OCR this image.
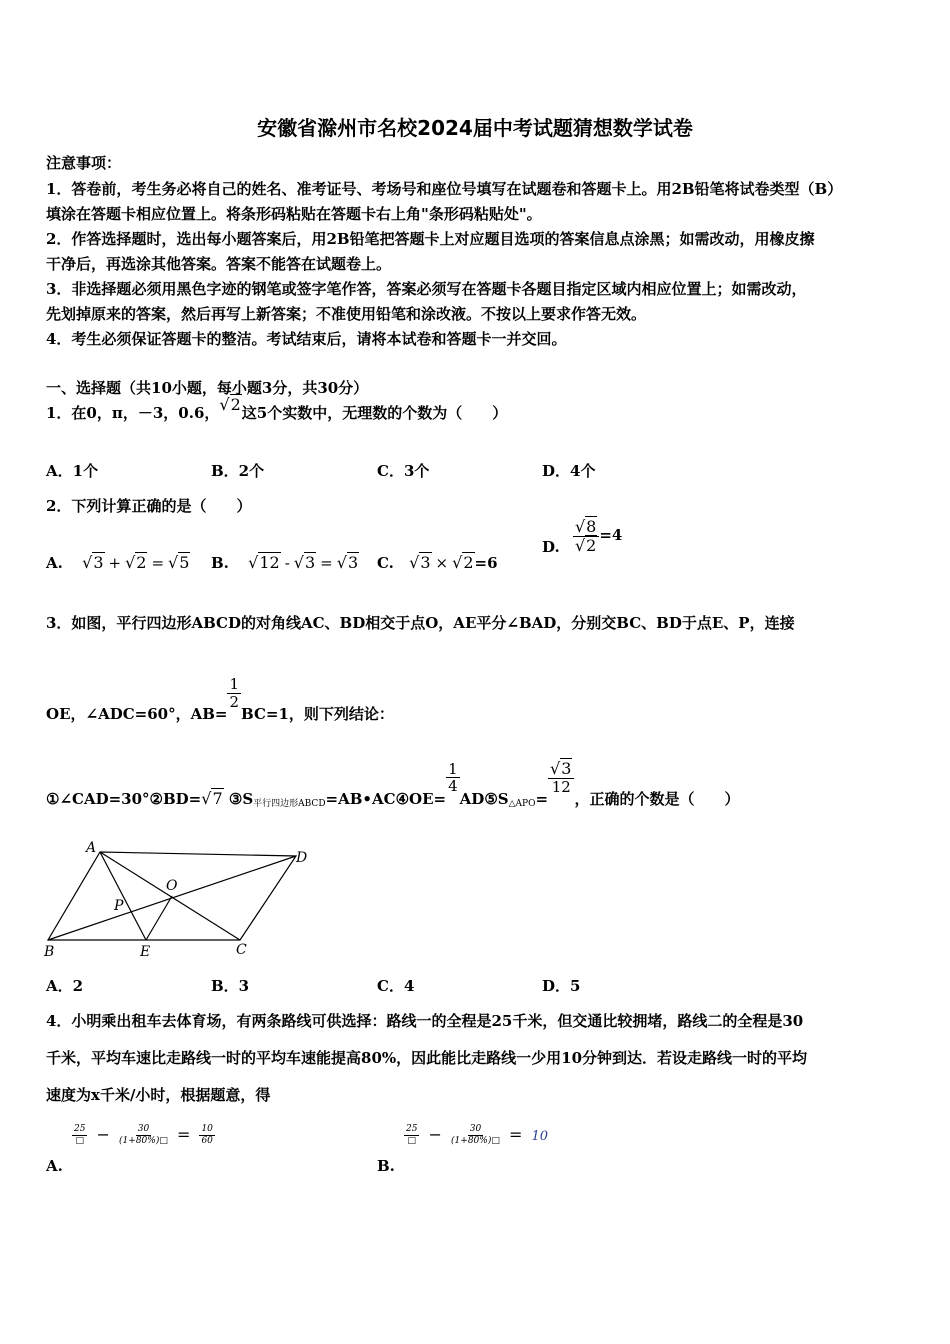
安徽省滁州市名校2024届中考试题猜想数学试卷
注意事项：
1．答卷前，考生务必将自己的姓名、准考证号、考场号和座位号填写在试题卷和答题卡上。用2B铅笔将试卷类型（B）
填涂在答题卡相应位置上。将条形码粘贴在答题卡右上角"条形码粘贴处"。
2．作答选择题时，选出每小题答案后，用2B铅笔把答题卡上对应题目选项的答案信息点涂黑；如需改动，用橡皮擦
干净后，再选涂其他答案。答案不能答在试题卷上。
3．非选择题必须用黑色字迹的钢笔或签字笔作答，答案必须写在答题卡各题目指定区域内相应位置上；如需改动，
先划掉原来的答案，然后再写上新答案；不准使用铅笔和涂改液。不按以上要求作答无效。
4．考生必须保证答题卡的整洁。考试结束后，请将本试卷和答题卡一并交回。
一、选择题（共10小题，每小题3分，共30分）
1．在0，π，－3，0.6，√2这5个实数中，无理数的个数为（　　）
A．1个	B．2个	C．3个	D．4个
2．下列计算正确的是（　　）
A. √3 + √2 = √5 B. √12 - √3 = √3 C. √3 × √2=6
D. $\frac{√8}{√2} =4$
3．如图，平行四边形ABCD的对角线AC、BD相交于点O，AE平分∠BAD，分别交BC、BD于点E、P，连接
OE，∠ADC=60°，AB=
$\frac{1}{2}$
BC=1，则下列结论：
①∠CAD=30°②BD=√7 $③S_{平行四边形ABCD}=AB•AC④OE=$
$\frac{1}{4}$
$AD⑤S_{\triangle APO}=$
$\frac{√3}{12}$
，正确的个数是（　　）
A
D
O
P
B	E	C
A．2	B．3	C．4	D．5
4．小明乘出租车去体育场，有两条路线可供选择：路线一的全程是25千米，但交通比较拥堵，路线二的全程是30
千米，平均车速比走路线一时的平均车速能提高80%，因此能比走路线一少用10分钟到达．若设走路线一时的平均
速度为x千米/小时，根据题意，得
25
□ − $\frac{30}{(1+80\%)□} = \frac{10}{60}$
A.
25
□ − $\frac{30}{(1+80\%)□} = 10$
B.
